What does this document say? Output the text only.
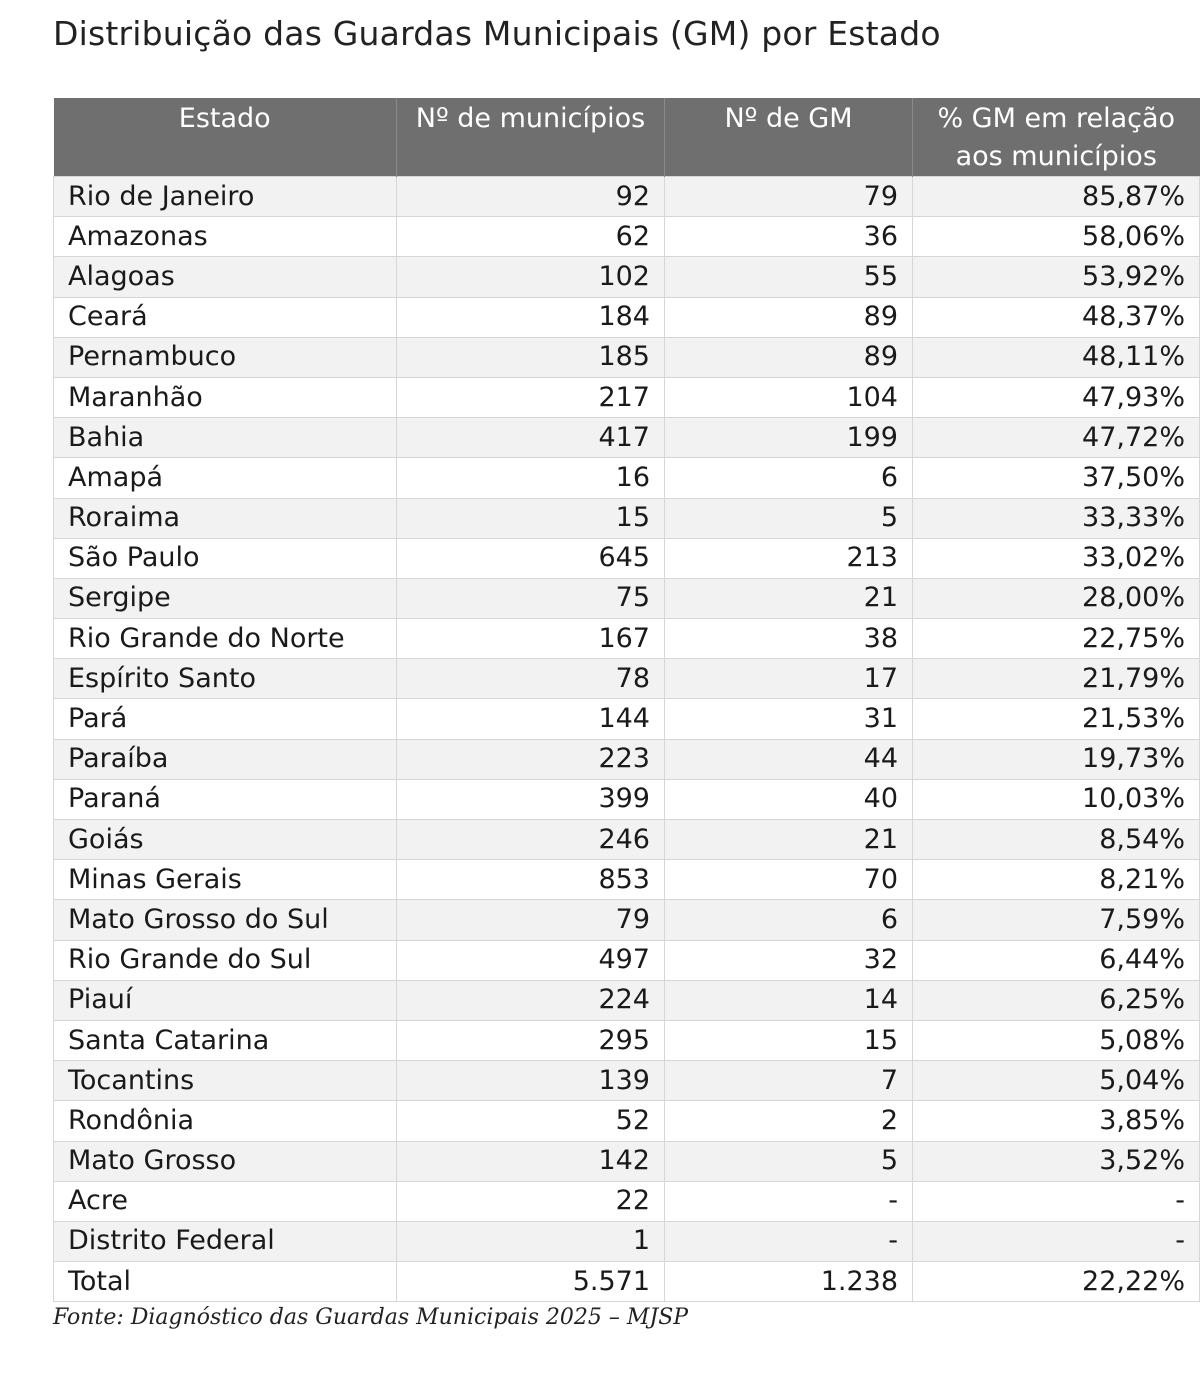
Distribuição das Guardas Municipais (GM) por Estado
Estado	Nº de municípios	Nº de GM	% GM em relação aos municípios
Rio de Janeiro	92	79	85,87%
Amazonas	62	36	58,06%
Alagoas	102	55	53,92%
Ceará	184	89	48,37%
Pernambuco	185	89	48,11%
Maranhão	217	104	47,93%
Bahia	417	199	47,72%
Amapá	16	6	37,50%
Roraima	15	5	33,33%
São Paulo	645	213	33,02%
Sergipe	75	21	28,00%
Rio Grande do Norte	167	38	22,75%
Espírito Santo	78	17	21,79%
Pará	144	31	21,53%
Paraíba	223	44	19,73%
Paraná	399	40	10,03%
Goiás	246	21	8,54%
Minas Gerais	853	70	8,21%
Mato Grosso do Sul	79	6	7,59%
Rio Grande do Sul	497	32	6,44%
Piauí	224	14	6,25%
Santa Catarina	295	15	5,08%
Tocantins	139	7	5,04%
Rondônia	52	2	3,85%
Mato Grosso	142	5	3,52%
Acre	22	-	-
Distrito Federal	1	-	-
Total	5.571	1.238	22,22%
Fonte: Diagnóstico das Guardas Municipais 2025 – MJSP
